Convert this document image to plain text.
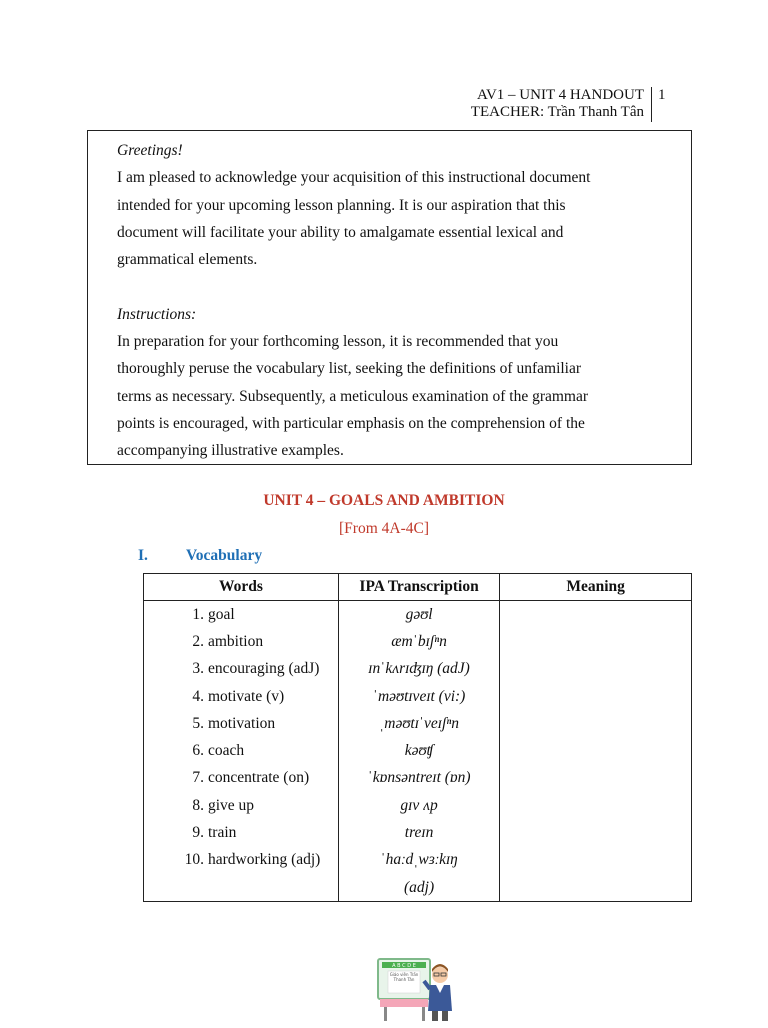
AV1 – UNIT 4 HANDOUT
TEACHER: Trần Thanh Tân
1

Greetings!

I am pleased to acknowledge your acquisition of this instructional document

intended for your upcoming lesson planning. It is our aspiration that this

document will facilitate your ability to amalgamate essential lexical and

grammatical elements.

Instructions:

In preparation for your forthcoming lesson, it is recommended that you

thoroughly peruse the vocabulary list, seeking the definitions of unfamiliar

terms as necessary. Subsequently, a meticulous examination of the grammar

points is encouraged, with particular emphasis on the comprehension of the

accompanying illustrative examples.

UNIT 4 – GOALS AND AMBITION
[From 4A-4C]
I. Vocabulary
Words	IPA Transcription	Meaning
1. goal	gəʊl	
2. ambition	æmˈbɪʃⁿn	
3. encouraging (adJ)	ɪnˈkʌrɪʤɪŋ (adJ)	
4. motivate (v)	ˈməʊtɪveɪt (vi:)	
5. motivation	ˌməʊtɪˈveɪʃⁿn	
6. coach	kəʊʧ	
7. concentrate (on)	ˈkɒnsəntreɪt (ɒn)	
8. give up	gɪv ʌp	
9. train	treɪn	
10. hardworking (adj)	ˈhaːdˌwɜːkɪŋ	
	(adj)	
A B C D E
Giáo viên Trần Thanh Tân
